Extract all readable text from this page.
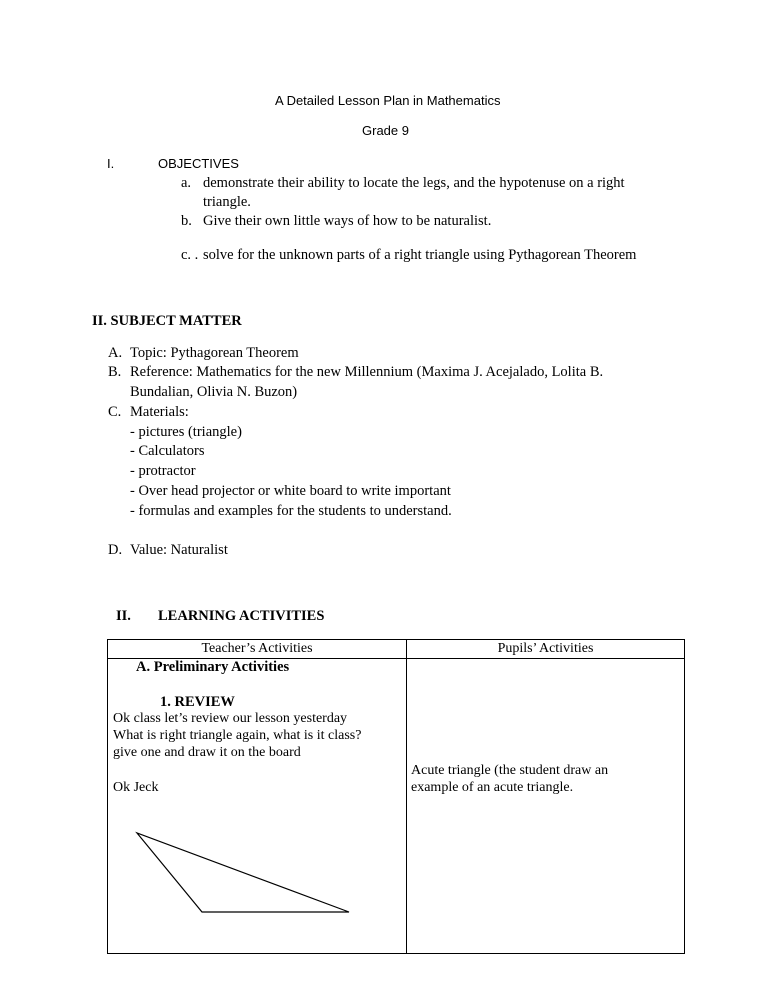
A Detailed Lesson Plan in Mathematics
Grade 9
I.	OBJECTIVES
a. demonstrate their ability to locate the legs, and the hypotenuse on a right
triangle.
b. Give their own little ways of how to be naturalist.
c. . solve for the unknown parts of a right triangle using Pythagorean Theorem
II. SUBJECT MATTER
A. Topic: Pythagorean Theorem
B. Reference: Mathematics for the new Millennium (Maxima J. Acejalado, Lolita B.
Bundalian, Olivia N. Buzon)
C. Materials:
- pictures (triangle)
- Calculators
- protractor
- Over head projector or white board to write important
- formulas and examples for the students to understand.
D. Value: Naturalist
II. LEARNING ACTIVITIES
Teacher’s Activities	Pupils’ Activities
A. Preliminary Activities
1. REVIEW
Ok class let’s review our lesson yesterday
What is right triangle again, what is it class?
give one and draw it on the board
Ok Jeck
Acute triangle (the student draw an
example of an acute triangle.
